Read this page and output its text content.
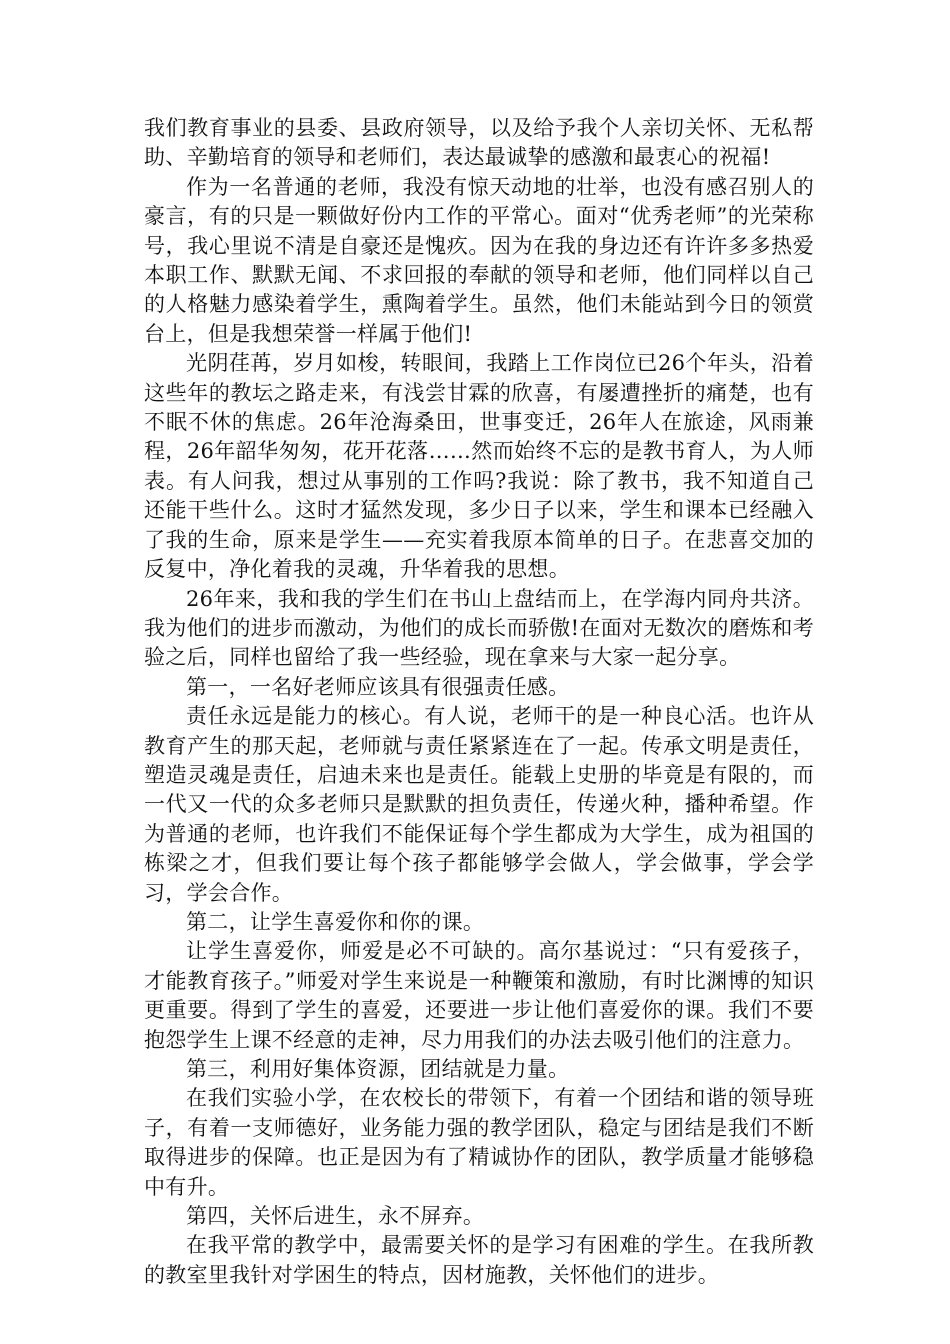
我们教育事业的县委、县政府领导，以及给予我个人亲切关怀、无私帮助、辛勤培育的领导和老师们，表达最诚挚的感激和最衷心的祝福!

作为一名普通的老师，我没有惊天动地的壮举，也没有感召别人的豪言，有的只是一颗做好份内工作的平常心。面对“优秀老师”的光荣称号，我心里说不清是自豪还是愧疚。因为在我的身边还有许许多多热爱本职工作、默默无闻、不求回报的奉献的领导和老师，他们同样以自己的人格魅力感染着学生，熏陶着学生。虽然，他们未能站到今日的领赏台上，但是我想荣誉一样属于他们!

光阴荏苒，岁月如梭，转眼间，我踏上工作岗位已26个年头，沿着这些年的教坛之路走来，有浅尝甘霖的欣喜，有屡遭挫折的痛楚，也有不眠不休的焦虑。26年沧海桑田，世事变迁，26年人在旅途，风雨兼程，26年韶华匆匆，花开花落……然而始终不忘的是教书育人，为人师表。有人问我，想过从事别的工作吗?我说：除了教书，我不知道自己还能干些什么。这时才猛然发现，多少日子以来，学生和课本已经融入了我的生命，原来是学生——充实着我原本简单的日子。在悲喜交加的反复中，净化着我的灵魂，升华着我的思想。

26年来，我和我的学生们在书山上盘结而上，在学海内同舟共济。我为他们的进步而激动，为他们的成长而骄傲!在面对无数次的磨炼和考验之后，同样也留给了我一些经验，现在拿来与大家一起分享。

第一，一名好老师应该具有很强责任感。

责任永远是能力的核心。有人说，老师干的是一种良心活。也许从教育产生的那天起，老师就与责任紧紧连在了一起。传承文明是责任，塑造灵魂是责任，启迪未来也是责任。能载上史册的毕竟是有限的，而一代又一代的众多老师只是默默的担负责任，传递火种，播种希望。作为普通的老师，也许我们不能保证每个学生都成为大学生，成为祖国的栋梁之才，但我们要让每个孩子都能够学会做人，学会做事，学会学习，学会合作。

第二，让学生喜爱你和你的课。

让学生喜爱你，师爱是必不可缺的。高尔基说过：“只有爱孩子，才能教育孩子。”师爱对学生来说是一种鞭策和激励，有时比渊博的知识更重要。得到了学生的喜爱，还要进一步让他们喜爱你的课。我们不要抱怨学生上课不经意的走神，尽力用我们的办法去吸引他们的注意力。

第三，利用好集体资源，团结就是力量。

在我们实验小学，在农校长的带领下，有着一个团结和谐的领导班子，有着一支师德好，业务能力强的教学团队，稳定与团结是我们不断取得进步的保障。也正是因为有了精诚协作的团队，教学质量才能够稳中有升。

第四，关怀后进生，永不屏弃。

在我平常的教学中，最需要关怀的是学习有困难的学生。在我所教的教室里我针对学困生的特点，因材施教，关怀他们的进步。
